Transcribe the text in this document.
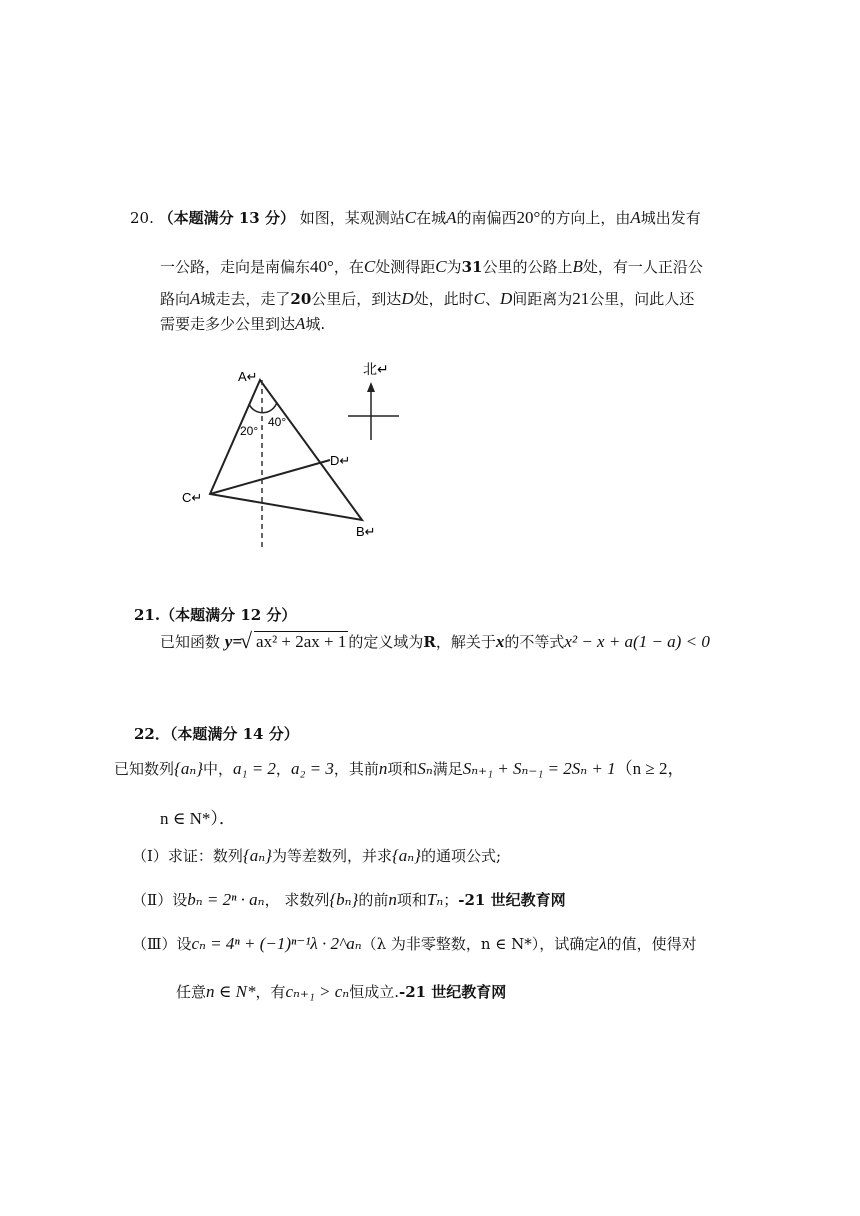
20. （本题满分 13 分） 如图，某观测站C在城A的南偏西20°的方向上，由A城出发有
一公路，走向是南偏东40°，在C处测得距C为31公里的公路上B处，有一人正沿公
路向A城走去，走了20公里后，到达D处，此时C、D间距离为21公里，问此人还
需要走多少公里到达A城.
A↵
C↵
D↵
B↵
20°
40°
北↵
21.（本题满分 12 分）
已知函数 y=√ ax² + 2ax + 1 的定义域为R，解关于x的不等式x² − x + a(1 − a) < 0
22．（本题满分 14 分）
已知数列{aₙ}中，a₁ = 2，a₂ = 3，其前n项和Sₙ满足Sₙ₊₁ + Sₙ₋₁ = 2Sₙ + 1（n ≥ 2，
n ∈ N*）．
（Ⅰ）求证：数列{aₙ}为等差数列，并求{aₙ}的通项公式;
（Ⅱ）设bₙ = 2ⁿ · aₙ， 求数列{bₙ}的前n项和Tₙ；-21 世纪教育网
（Ⅲ）设cₙ = 4ⁿ + (−1)ⁿ⁻¹λ · 2^aₙ（λ 为非零整数，n ∈ N*），试确定λ的值，使得对
任意n ∈ N*，有cₙ₊₁ > cₙ恒成立.-21 世纪教育网
